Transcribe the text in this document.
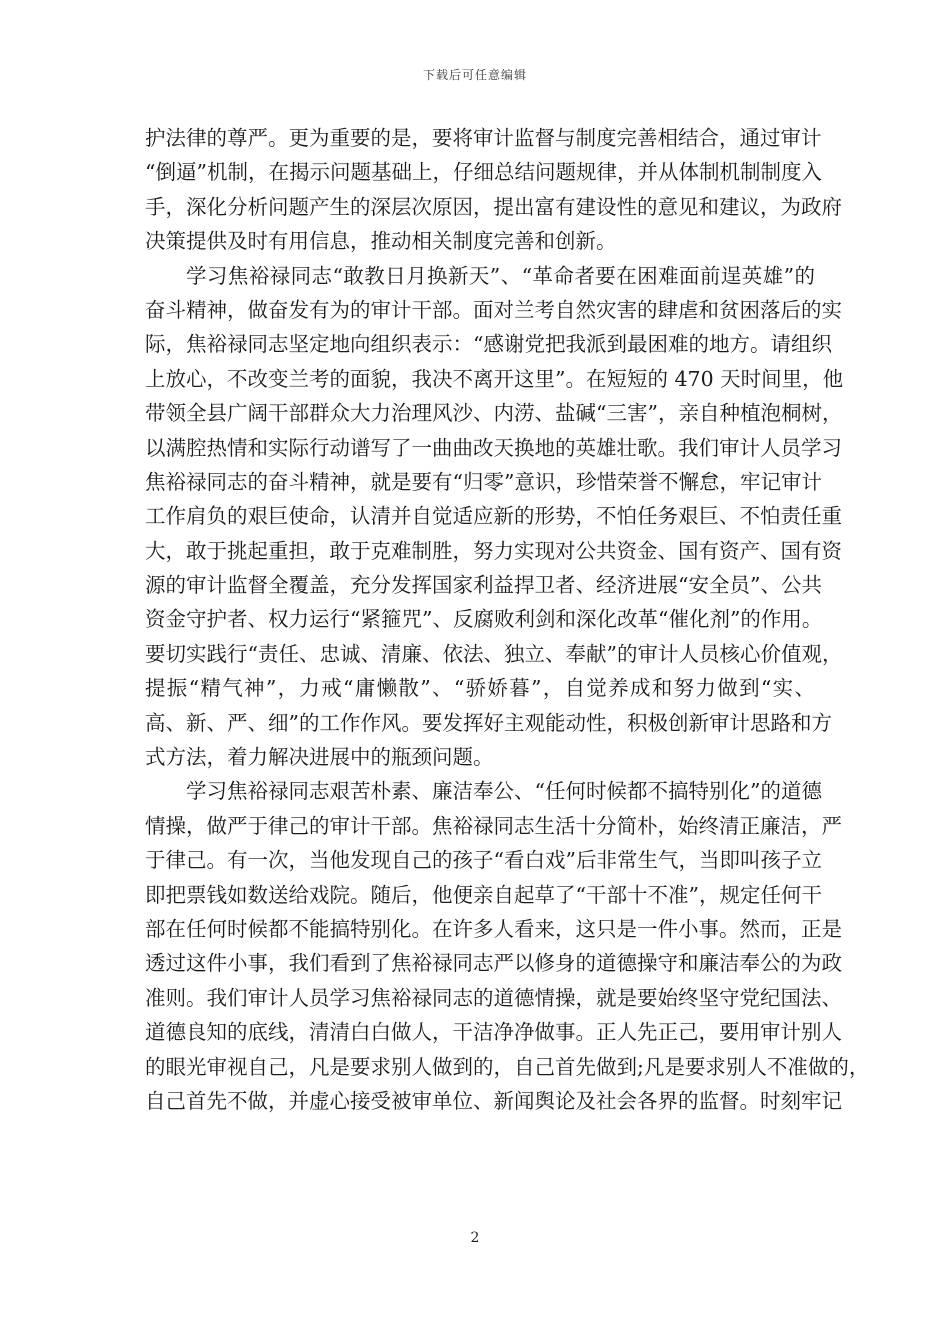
下载后可任意编辑
护法律的尊严。更为重要的是，要将审计监督与制度完善相结合，通过审计
“倒逼”机制，在揭示问题基础上，仔细总结问题规律，并从体制机制制度入
手，深化分析问题产生的深层次原因，提出富有建设性的意见和建议，为政府
决策提供及时有用信息，推动相关制度完善和创新。
学习焦裕禄同志“敢教日月换新天”、“革命者要在困难面前逞英雄”的
奋斗精神，做奋发有为的审计干部。面对兰考自然灾害的肆虐和贫困落后的实
际，焦裕禄同志坚定地向组织表示：“感谢党把我派到最困难的地方。请组织
上放心，不改变兰考的面貌，我决不离开这里”。在短短的 470 天时间里，他
带领全县广阔干部群众大力治理风沙、内涝、盐碱“三害”，亲自种植泡桐树，
以满腔热情和实际行动谱写了一曲曲改天换地的英雄壮歌。我们审计人员学习
焦裕禄同志的奋斗精神，就是要有“归零”意识，珍惜荣誉不懈怠，牢记审计
工作肩负的艰巨使命，认清并自觉适应新的形势，不怕任务艰巨、不怕责任重
大，敢于挑起重担，敢于克难制胜，努力实现对公共资金、国有资产、国有资
源的审计监督全覆盖，充分发挥国家利益捍卫者、经济进展“安全员”、公共
资金守护者、权力运行“紧箍咒”、反腐败利剑和深化改革“催化剂”的作用。
要切实践行“责任、忠诚、清廉、依法、独立、奉献”的审计人员核心价值观，
提振“精气神”，力戒“庸懒散”、“骄娇暮”，自觉养成和努力做到“实、
高、新、严、细”的工作作风。要发挥好主观能动性，积极创新审计思路和方
式方法，着力解决进展中的瓶颈问题。
学习焦裕禄同志艰苦朴素、廉洁奉公、“任何时候都不搞特别化”的道德
情操，做严于律己的审计干部。焦裕禄同志生活十分简朴，始终清正廉洁，严
于律己。有一次，当他发现自己的孩子“看白戏”后非常生气，当即叫孩子立
即把票钱如数送给戏院。随后，他便亲自起草了“干部十不准”，规定任何干
部在任何时候都不能搞特别化。在许多人看来，这只是一件小事。然而，正是
透过这件小事，我们看到了焦裕禄同志严以修身的道德操守和廉洁奉公的为政
准则。我们审计人员学习焦裕禄同志的道德情操，就是要始终坚守党纪国法、
道德良知的底线，清清白白做人，干洁净净做事。正人先正己，要用审计别人
的眼光审视自己，凡是要求别人做到的，自己首先做到;凡是要求别人不准做的，
自己首先不做，并虚心接受被审单位、新闻舆论及社会各界的监督。时刻牢记
2
